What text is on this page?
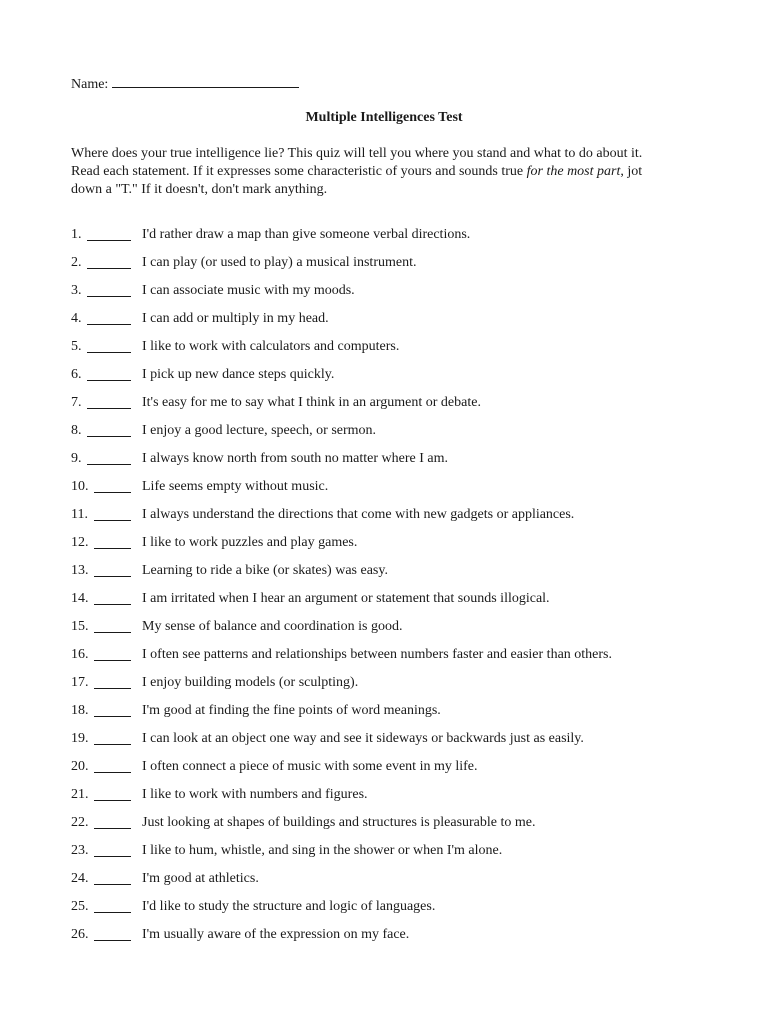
Name:
Multiple Intelligences Test

Where does your true intelligence lie? This quiz will tell you where you stand and what to do about it.

Read each statement. If it expresses some characteristic of yours and sounds true for the most part, jot

down a "T." If it doesn't, don't mark anything.

1.	I'd rather draw a map than give someone verbal directions.
2.	I can play (or used to play) a musical instrument.
3.	I can associate music with my moods.
4.	I can add or multiply in my head.
5.	I like to work with calculators and computers.
6.	I pick up new dance steps quickly.
7.	It's easy for me to say what I think in an argument or debate.
8.	I enjoy a good lecture, speech, or sermon.
9.	I always know north from south no matter where I am.
10.	Life seems empty without music.
11.	I always understand the directions that come with new gadgets or appliances.
12.	I like to work puzzles and play games.
13.	Learning to ride a bike (or skates) was easy.
14.	I am irritated when I hear an argument or statement that sounds illogical.
15.	My sense of balance and coordination is good.
16.	I often see patterns and relationships between numbers faster and easier than others.
17.	I enjoy building models (or sculpting).
18.	I'm good at finding the fine points of word meanings.
19.	I can look at an object one way and see it sideways or backwards just as easily.
20.	I often connect a piece of music with some event in my life.
21.	I like to work with numbers and figures.
22.	Just looking at shapes of buildings and structures is pleasurable to me.
23.	I like to hum, whistle, and sing in the shower or when I'm alone.
24.	I'm good at athletics.
25.	I'd like to study the structure and logic of languages.
26.	I'm usually aware of the expression on my face.
